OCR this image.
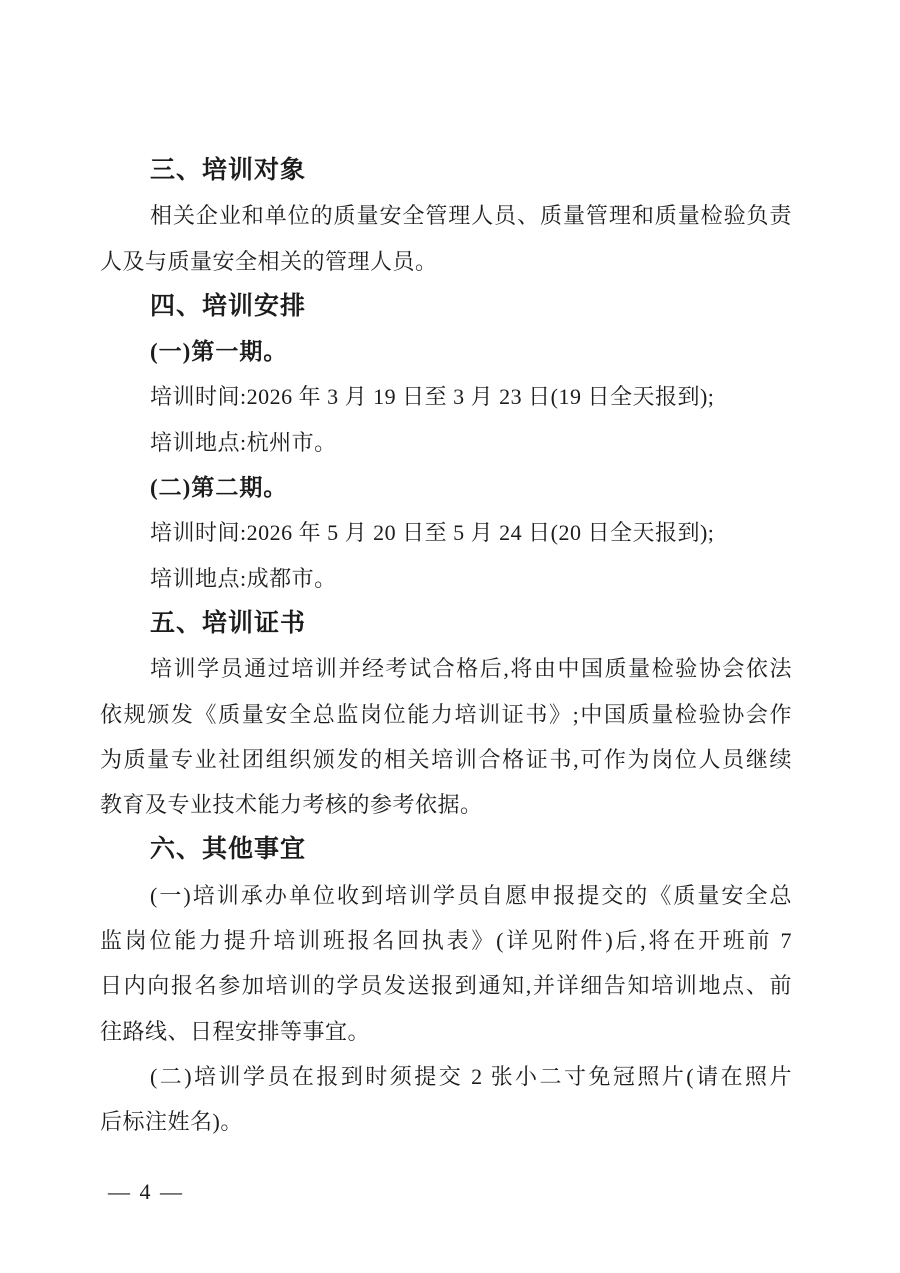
三、培训对象
相关企业和单位的质量安全管理人员、质量管理和质量检验负责
人及与质量安全相关的管理人员。
四、培训安排
(一)第一期。
培训时间:2026 年 3 月 19 日至 3 月 23 日(19 日全天报到);
培训地点:杭州市。
(二)第二期。
培训时间:2026 年 5 月 20 日至 5 月 24 日(20 日全天报到);
培训地点:成都市。
五、培训证书
培训学员通过培训并经考试合格后,将由中国质量检验协会依法
依规颁发《质量安全总监岗位能力培训证书》;中国质量检验协会作
为质量专业社团组织颁发的相关培训合格证书,可作为岗位人员继续
教育及专业技术能力考核的参考依据。
六、其他事宜
(一)培训承办单位收到培训学员自愿申报提交的《质量安全总
监岗位能力提升培训班报名回执表》(详见附件)后,将在开班前 7
日内向报名参加培训的学员发送报到通知,并详细告知培训地点、前
往路线、日程安排等事宜。
(二)培训学员在报到时须提交 2 张小二寸免冠照片(请在照片
后标注姓名)。
— 4 —
